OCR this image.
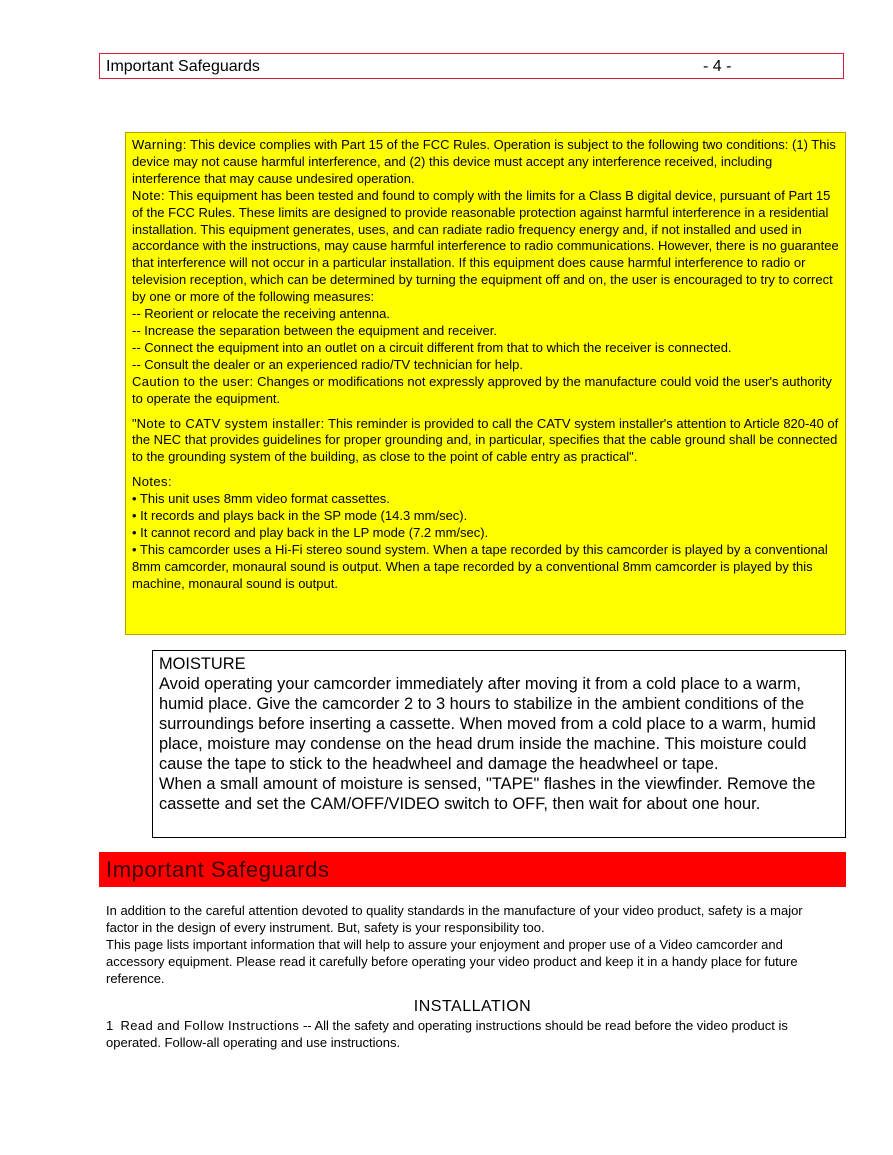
Important Safeguards	- 4 -

Warning: This device complies with Part 15 of the FCC Rules. Operation is subject to the following two conditions: (1) This device may not cause harmful interference, and (2) this device must accept any interference received, including interference that may cause undesired operation.

Note: This equipment has been tested and found to comply with the limits for a Class B digital device, pursuant of Part 15 of the FCC Rules. These limits are designed to provide reasonable protection against harmful interference in a residential installation. This equipment generates, uses, and can radiate radio frequency energy and, if not installed and used in accordance with the instructions, may cause harmful interference to radio communications. However, there is no guarantee that interference will not occur in a particular installation. If this equipment does cause harmful interference to radio or television reception, which can be determined by turning the equipment off and on, the user is encouraged to try to correct by one or more of the following measures:

-- Reorient or relocate the receiving antenna.

-- Increase the separation between the equipment and receiver.

-- Connect the equipment into an outlet on a circuit different from that to which the receiver is connected.

-- Consult the dealer or an experienced radio/TV technician for help.

Caution to the user: Changes or modifications not expressly approved by the manufacture could void the user's authority to operate the equipment.

"Note to CATV system installer: This reminder is provided to call the CATV system installer's attention to Article 820-40 of the NEC that provides guidelines for proper grounding and, in particular, specifies that the cable ground shall be connected to the grounding system of the building, as close to the point of cable entry as practical".

Notes:

• This unit uses 8mm video format cassettes.

• It records and plays back in the SP mode (14.3 mm/sec).

• It cannot record and play back in the LP mode (7.2 mm/sec).

• This camcorder uses a Hi-Fi stereo sound system. When a tape recorded by this camcorder is played by a conventional 8mm camcorder, monaural sound is output. When a tape recorded by a conventional 8mm camcorder is played by this machine, monaural sound is output.

MOISTURE

Avoid operating your camcorder immediately after moving it from a cold place to a warm, humid place. Give the camcorder 2 to 3 hours to stabilize in the ambient conditions of the surroundings before inserting a cassette. When moved from a cold place to a warm, humid place, moisture may condense on the head drum inside the machine. This moisture could cause the tape to stick to the headwheel and damage the headwheel or tape.

When a small amount of moisture is sensed, "TAPE" flashes in the viewfinder. Remove the cassette and set the CAM/OFF/VIDEO switch to OFF, then wait for about one hour.

Important Safeguards

In addition to the careful attention devoted to quality standards in the manufacture of your video product, safety is a major factor in the design of every instrument. But, safety is your responsibility too.

This page lists important information that will help to assure your enjoyment and proper use of a Video camcorder and accessory equipment. Please read it carefully before operating your video product and keep it in a handy place for future reference.

INSTALLATION

1 Read and Follow Instructions -- All the safety and operating instructions should be read before the video product is operated. Follow-all operating and use instructions.
